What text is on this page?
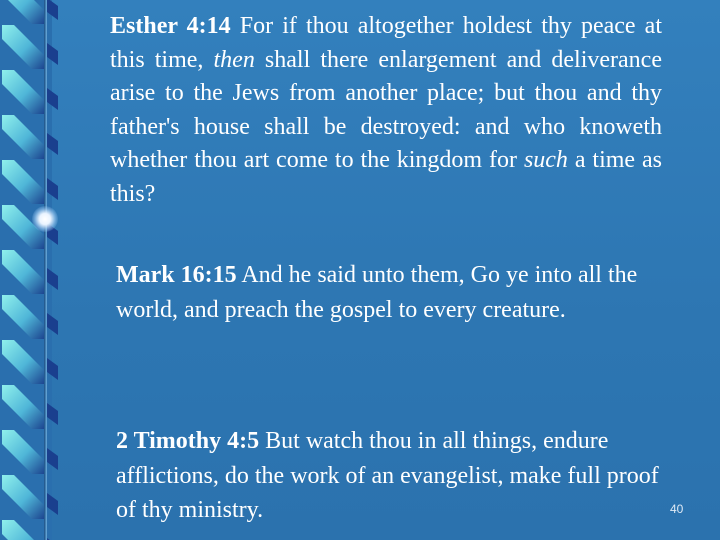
Esther 4:14 For if thou altogether holdest thy peace at this time, then shall there enlargement and deliverance arise to the Jews from another place; but thou and thy father's house shall be destroyed: and who knoweth whether thou art come to the kingdom for such a time as this?

Mark 16:15 And he said unto them, Go ye into all the world, and preach the gospel to every creature.

2 Timothy 4:5 But watch thou in all things, endure afflictions, do the work of an evangelist, make full proof of thy ministry.	40
